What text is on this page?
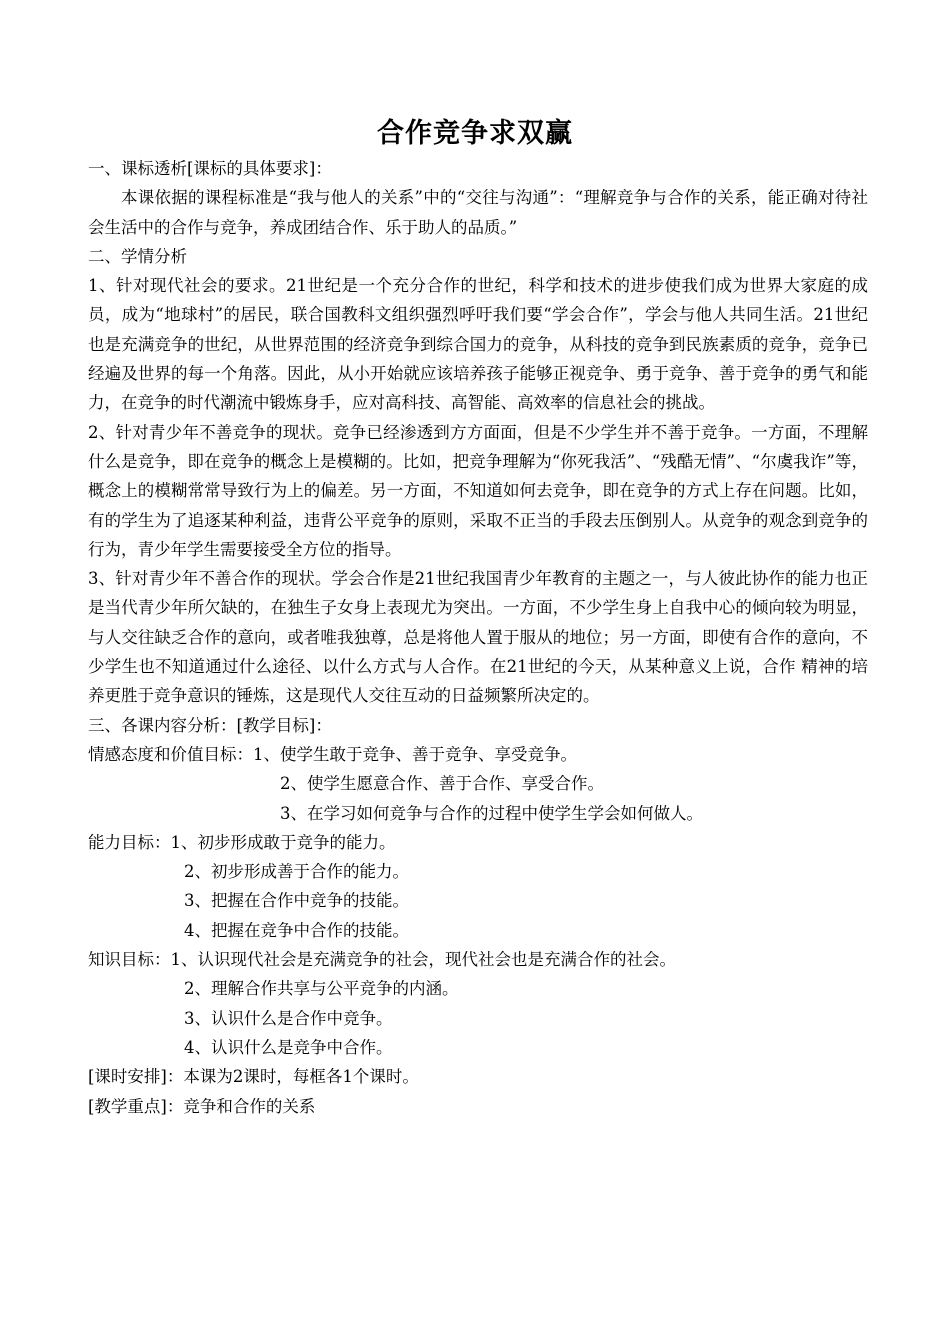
合作竞争求双赢

一、课标透析[课标的具体要求]：

本课依据的课程标准是“我与他人的关系”中的“交往与沟通”：“理解竞争与合作的关系，能正确对待社会生活中的合作与竞争，养成团结合作、乐于助人的品质。”

二、学情分析

1、针对现代社会的要求。21世纪是一个充分合作的世纪，科学和技术的进步使我们成为世界大家庭的成员，成为“地球村”的居民，联合国教科文组织强烈呼吁我们要“学会合作”，学会与他人共同生活。21世纪也是充满竞争的世纪，从世界范围的经济竞争到综合国力的竞争，从科技的竞争到民族素质的竞争，竞争已经遍及世界的每一个角落。因此，从小开始就应该培养孩子能够正视竞争、勇于竞争、善于竞争的勇气和能力，在竞争的时代潮流中锻炼身手，应对高科技、高智能、高效率的信息社会的挑战。

2、针对青少年不善竞争的现状。竞争已经渗透到方方面面，但是不少学生并不善于竞争。一方面，不理解什么是竞争，即在竞争的概念上是模糊的。比如，把竞争理解为“你死我活”、“残酷无情”、“尔虞我诈”等，概念上的模糊常常导致行为上的偏差。另一方面，不知道如何去竞争，即在竞争的方式上存在问题。比如，有的学生为了追逐某种利益，违背公平竞争的原则，采取不正当的手段去压倒别人。从竞争的观念到竞争的行为，青少年学生需要接受全方位的指导。

3、针对青少年不善合作的现状。学会合作是21世纪我国青少年教育的主题之一，与人彼此协作的能力也正是当代青少年所欠缺的，在独生子女身上表现尤为突出。一方面，不少学生身上自我中心的倾向较为明显，与人交往缺乏合作的意向，或者唯我独尊，总是将他人置于服从的地位；另一方面，即使有合作的意向，不少学生也不知道通过什么途径、以什么方式与人合作。在21世纪的今天，从某种意义上说，合作 精神的培养更胜于竞争意识的锤炼，这是现代人交往互动的日益频繁所决定的。

三、各课内容分析：[教学目标]：

情感态度和价值目标：1、使学生敢于竞争、善于竞争、享受竞争。

2、使学生愿意合作、善于合作、享受合作。

3、在学习如何竞争与合作的过程中使学生学会如何做人。

能力目标：1、初步形成敢于竞争的能力。

2、初步形成善于合作的能力。

3、把握在合作中竞争的技能。

4、把握在竞争中合作的技能。

知识目标：1、认识现代社会是充满竞争的社会，现代社会也是充满合作的社会。

2、理解合作共享与公平竞争的内涵。

3、认识什么是合作中竞争。

4、认识什么是竞争中合作。

[课时安排]：本课为2课时，每框各1个课时。

[教学重点]：竞争和合作的关系
